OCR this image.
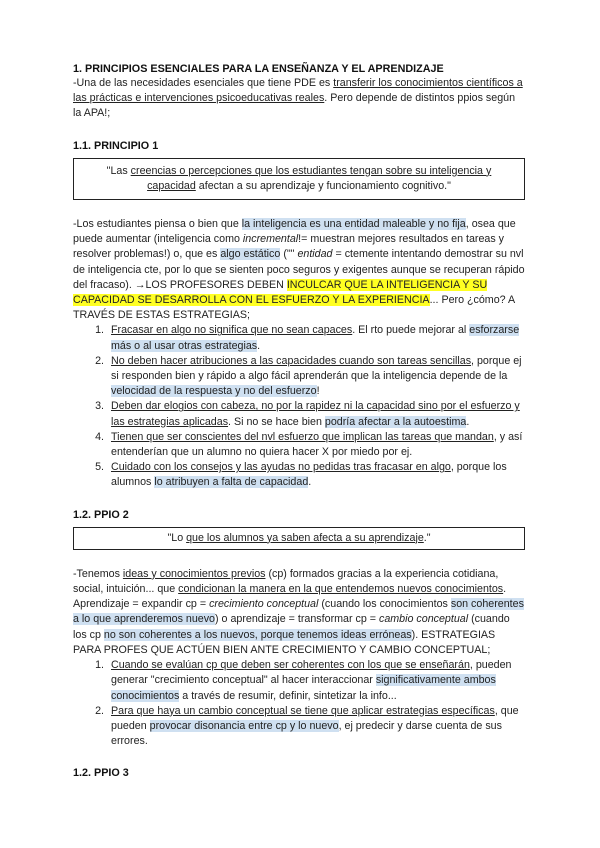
1. PRINCIPIOS ESENCIALES PARA LA ENSEÑANZA Y EL APRENDIZAJE

-Una de las necesidades esenciales que tiene PDE es transferir los conocimientos científicos a las prácticas e intervenciones psicoeducativas reales. Pero depende de distintos ppios según la APA!;

1.1. PRINCIPIO 1
"Las creencias o percepciones que los estudiantes tengan sobre su inteligencia y capacidad afectan a su aprendizaje y funcionamiento cognitivo."

-Los estudiantes piensa o bien que la inteligencia es una entidad maleable y no fija, osea que puede aumentar (inteligencia como incremental!= muestran mejores resultados en tareas y resolver problemas!) o, que es algo estático ("" entidad = ctemente intentando demostrar su nvl de inteligencia cte, por lo que se sienten poco seguros y exigentes aunque se recuperan rápido del fracaso). →LOS PROFESORES DEBEN INCULCAR QUE LA INTELIGENCIA Y SU CAPACIDAD SE DESARROLLA CON EL ESFUERZO Y LA EXPERIENCIA... Pero ¿cómo? A TRAVÉS DE ESTAS ESTRATEGIAS;

1. Fracasar en algo no significa que no sean capaces. El rto puede mejorar al esforzarse más o al usar otras estrategias.
2. No deben hacer atribuciones a las capacidades cuando son tareas sencillas, porque ej si responden bien y rápido a algo fácil aprenderán que la inteligencia depende de la velocidad de la respuesta y no del esfuerzo!
3. Deben dar elogios con cabeza, no por la rapidez ni la capacidad sino por el esfuerzo y las estrategias aplicadas. Si no se hace bien podría afectar a la autoestima.
4. Tienen que ser conscientes del nvl esfuerzo que implican las tareas que mandan, y así entenderían que un alumno no quiera hacer X por miedo por ej.
5. Cuidado con los consejos y las ayudas no pedidas tras fracasar en algo, porque los alumnos lo atribuyen a falta de capacidad.
1.2. PPIO 2
"Lo que los alumnos ya saben afecta a su aprendizaje."

-Tenemos ideas y conocimientos previos (cp) formados gracias a la experiencia cotidiana, social, intuición... que condicionan la manera en la que entendemos nuevos conocimientos. Aprendizaje = expandir cp = crecimiento conceptual (cuando los conocimientos son coherentes a lo que aprenderemos nuevo) o aprendizaje = transformar cp = cambio conceptual (cuando los cp no son coherentes a los nuevos, porque tenemos ideas erróneas). ESTRATEGIAS PARA PROFES QUE ACTÚEN BIEN ANTE CRECIMIENTO Y CAMBIO CONCEPTUAL;

1. Cuando se evalúan cp que deben ser coherentes con los que se enseñarán, pueden generar "crecimiento conceptual" al hacer interaccionar significativamente ambos conocimientos a través de resumir, definir, sintetizar la info...
2. Para que haya un cambio conceptual se tiene que aplicar estrategias específicas, que pueden provocar disonancia entre cp y lo nuevo, ej predecir y darse cuenta de sus errores.
1.2. PPIO 3
